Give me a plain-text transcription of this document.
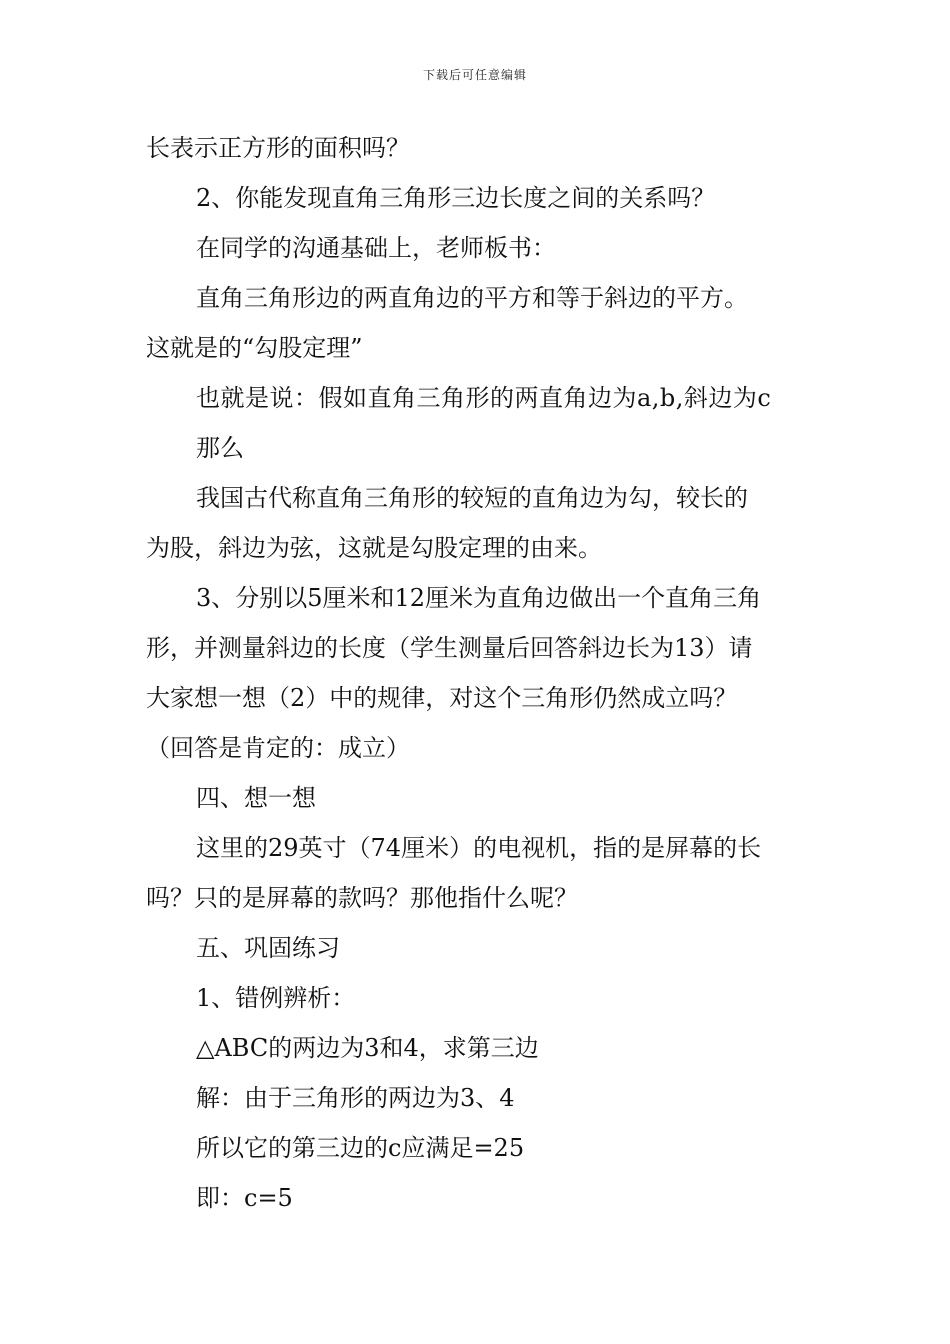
下载后可任意编辑
长表示正方形的面积吗？
2、你能发现直角三角形三边长度之间的关系吗？
在同学的沟通基础上，老师板书：
直角三角形边的两直角边的平方和等于斜边的平方。
这就是的“勾股定理”
也就是说：假如直角三角形的两直角边为a,b,斜边为c
那么
我国古代称直角三角形的较短的直角边为勾，较长的
为股，斜边为弦，这就是勾股定理的由来。
3、分别以5厘米和12厘米为直角边做出一个直角三角
形，并测量斜边的长度（学生测量后回答斜边长为13）请
大家想一想（2）中的规律，对这个三角形仍然成立吗？
（回答是肯定的：成立）
四、想一想
这里的29英寸（74厘米）的电视机，指的是屏幕的长
吗？只的是屏幕的款吗？那他指什么呢？
五、巩固练习
1、错例辨析：
△ABC的两边为3和4，求第三边
解：由于三角形的两边为3、4
所以它的第三边的c应满足=25
即：c=5
